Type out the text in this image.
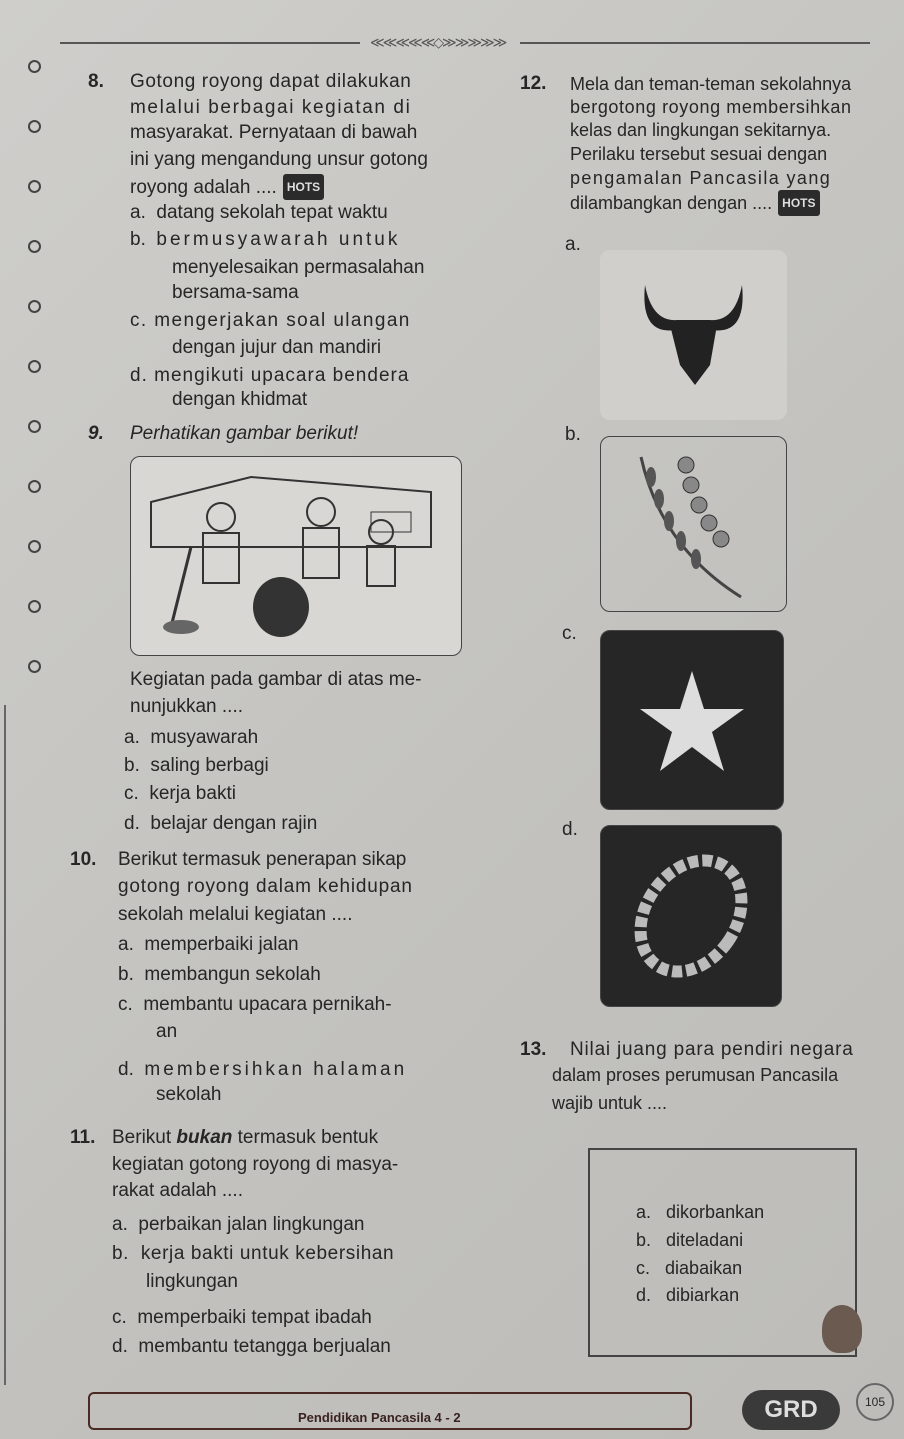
≪≪≪≪≪◇≫≫≫≫≫
8. Gotong royong dapat dilakukan
melalui berbagai kegiatan di
masyarakat. Pernyataan di bawah
ini yang mengandung unsur gotong
royong adalah .... HOTS
a. datang sekolah tepat waktu
b. bermusyawarah untuk
menyelesaikan permasalahan
bersama-sama
c. mengerjakan soal ulangan
dengan jujur dan mandiri
d. mengikuti upacara bendera
dengan khidmat
9. Perhatikan gambar berikut!
Kegiatan pada gambar di atas me-
nunjukkan ....
a. musyawarah
b. saling berbagi
c. kerja bakti
d. belajar dengan rajin
10. Berikut termasuk penerapan sikap
gotong royong dalam kehidupan
sekolah melalui kegiatan ....
a. memperbaiki jalan
b. membangun sekolah
c. membantu upacara pernikah-
an
d. membersihkan halaman
sekolah
11. Berikut bukan termasuk bentuk
kegiatan gotong royong di masya-
rakat adalah ....
a. perbaikan jalan lingkungan
b. kerja bakti untuk kebersihan
lingkungan
c. memperbaiki tempat ibadah
d. membantu tetangga berjualan
12. Mela dan teman-teman sekolahnya
bergotong royong membersihkan
kelas dan lingkungan sekitarnya.
Perilaku tersebut sesuai dengan
pengamalan Pancasila yang
dilambangkan dengan .... HOTS
a.
b.
c.
d.
13. Nilai juang para pendiri negara
dalam proses perumusan Pancasila
wajib untuk ....
a. dikorbankan
b. diteladani
c. diabaikan
d. dibiarkan
Pendidikan Pancasila 4 - 2	GRD	105
